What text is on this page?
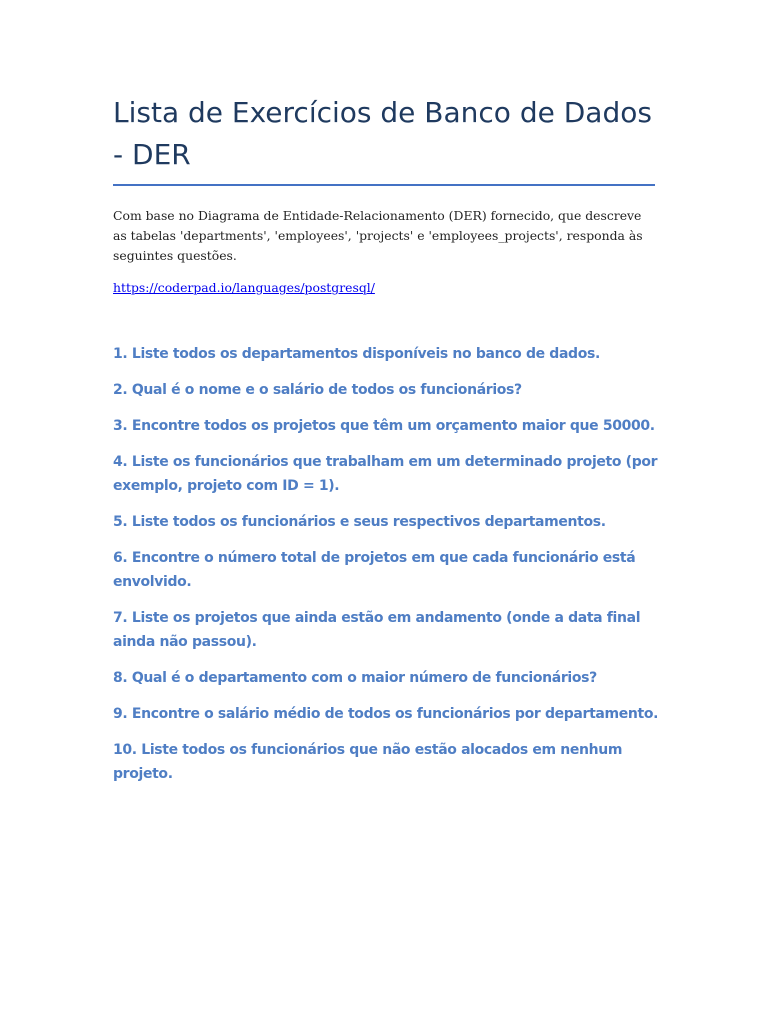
Lista de Exercícios de Banco de Dados - DER

Com base no Diagrama de Entidade-Relacionamento (DER) fornecido, que descreve as tabelas 'departments', 'employees', 'projects' e 'employees_projects', responda às seguintes questões.

https://coderpad.io/languages/postgresql/
1. Liste todos os departamentos disponíveis no banco de dados.
2. Qual é o nome e o salário de todos os funcionários?
3. Encontre todos os projetos que têm um orçamento maior que 50000.
4. Liste os funcionários que trabalham em um determinado projeto (por exemplo, projeto com ID = 1).
5. Liste todos os funcionários e seus respectivos departamentos.
6. Encontre o número total de projetos em que cada funcionário está envolvido.
7. Liste os projetos que ainda estão em andamento (onde a data final ainda não passou).
8. Qual é o departamento com o maior número de funcionários?
9. Encontre o salário médio de todos os funcionários por departamento.
10. Liste todos os funcionários que não estão alocados em nenhum projeto.
